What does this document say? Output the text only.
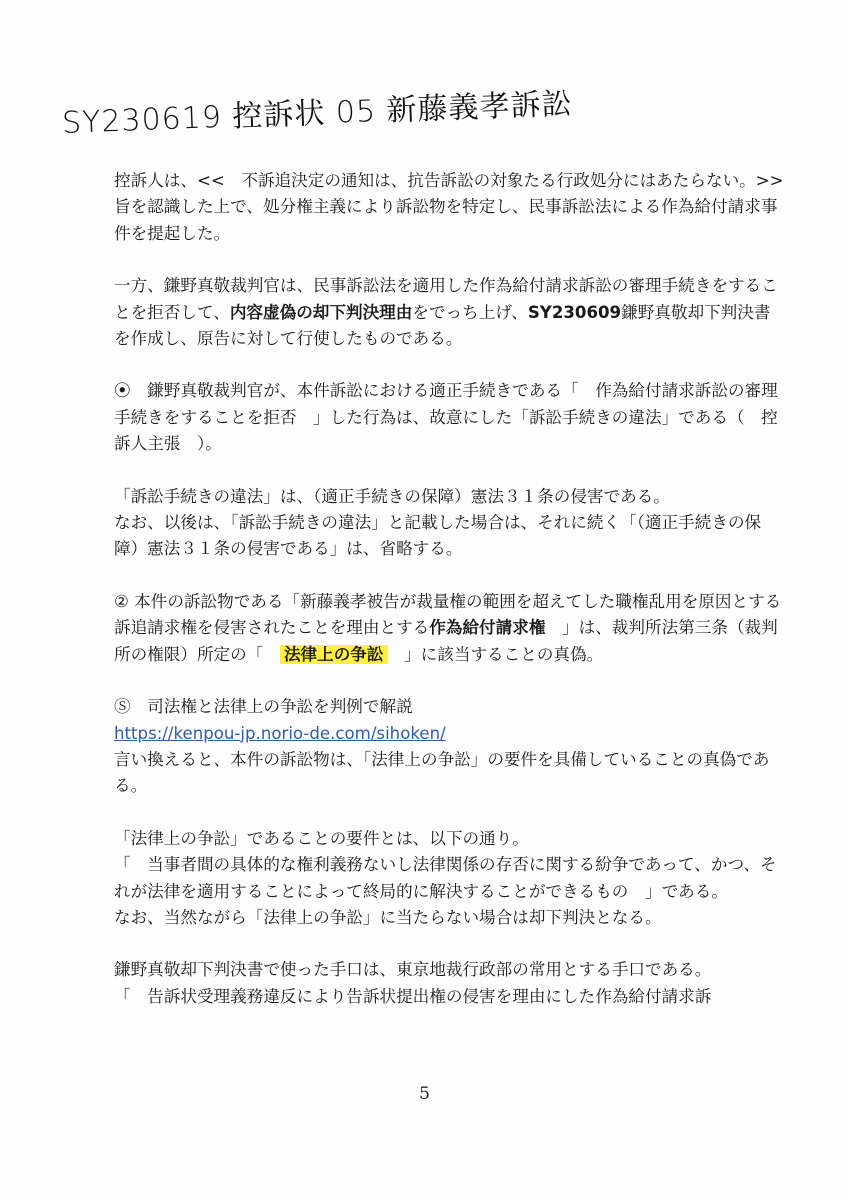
SY230619 控訴状 05 新藤義孝訴訟

控訴人は、<<　不訴追決定の通知は、抗告訴訟の対象たる行政処分にはあたらない。>>旨を認識した上で、処分権主義により訴訟物を特定し、民事訴訟法による作為給付請求事件を提起した。

一方、鎌野真敬裁判官は、民事訴訟法を適用した作為給付請求訴訟の審理手続きをすることを拒否して、内容虚偽の却下判決理由をでっち上げ、SY230609鎌野真敬却下判決書を作成し、原告に対して行使したものである。

⦿　鎌野真敬裁判官が、本件訴訟における適正手続きである「　作為給付請求訴訟の審理手続きをすることを拒否　」した行為は、故意にした「訴訟手続きの違法」である（　控訴人主張　）。

「訴訟手続きの違法」は、（適正手続きの保障）憲法３１条の侵害である。

なお、以後は、「訴訟手続きの違法」と記載した場合は、それに続く「（適正手続きの保障）憲法３１条の侵害である」は、省略する。

② 本件の訴訟物である「新藤義孝被告が裁量権の範囲を超えてした職権乱用を原因とする訴追請求権を侵害されたことを理由とする作為給付請求権　」は、裁判所法第三条（裁判所の権限）所定の「　法律上の争訟　」に該当することの真偽。

Ⓢ　司法権と法律上の争訟を判例で解説

https://kenpou-jp.norio-de.com/sihoken/

言い換えると、本件の訴訟物は、「法律上の争訟」の要件を具備していることの真偽である。

「法律上の争訟」であることの要件とは、以下の通り。

「　当事者間の具体的な権利義務ないし法律関係の存否に関する紛争であって、かつ、それが法律を適用することによって終局的に解決することができるもの　」である。

なお、当然ながら「法律上の争訟」に当たらない場合は却下判決となる。

鎌野真敬却下判決書で使った手口は、東京地裁行政部の常用とする手口である。

「　告訴状受理義務違反により告訴状提出権の侵害を理由にした作為給付請求訴

5
